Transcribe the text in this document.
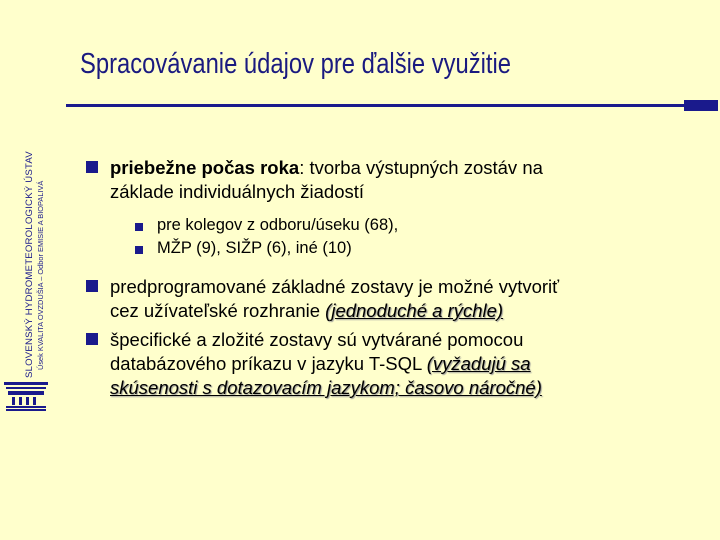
SLOVENSKÝ HYDROMETEOROLOGICKÝ ÚSTAV Úsek KVALITA OVZDUŠIA – Odbor EMISIE A BIOPALIVÁ
Spracovávanie údajov pre ďalšie využitie
priebežne počas roka: tvorba výstupných zostáv na
základe individuálnych žiadostí
pre kolegov z odboru/úseku (68),
MŽP (9), SIŽP (6), iné (10)
predprogramované základné zostavy je možné vytvoriť
cez užívateľské rozhranie (jednoduché a rýchle)
špecifické a zložité zostavy sú vytvárané pomocou
databázového príkazu v jazyku T-SQL (vyžadujú sa
skúsenosti s dotazovacím jazykom; časovo náročné)
